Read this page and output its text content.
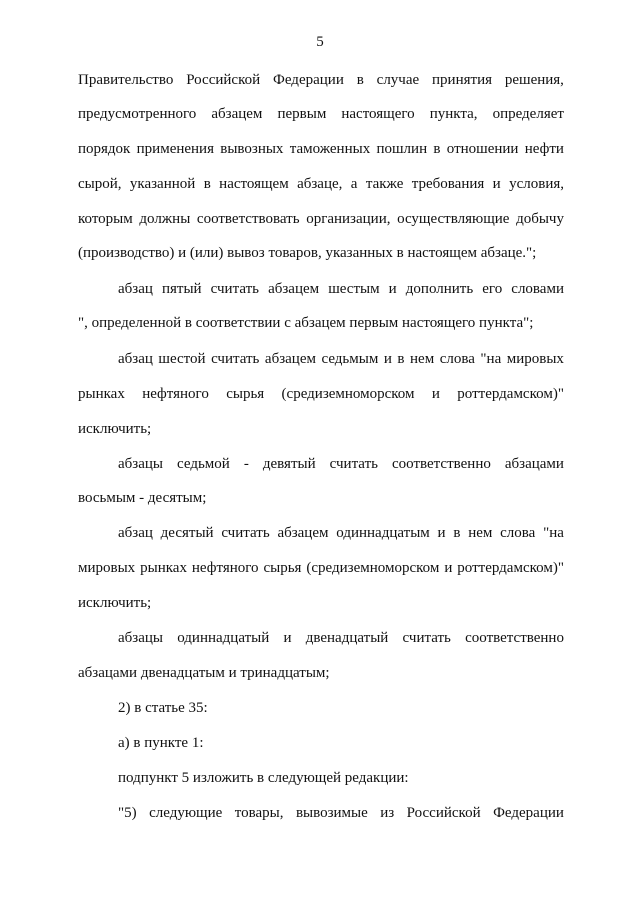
5
Правительство Российской Федерации в случае принятия решения,
предусмотренного абзацем первым настоящего пункта, определяет
порядок применения вывозных таможенных пошлин в отношении нефти
сырой, указанной в настоящем абзаце, а также требования и условия,
которым должны соответствовать организации, осуществляющие добычу
(производство) и (или) вывоз товаров, указанных в настоящем абзаце.";
абзац пятый считать абзацем шестым и дополнить его словами
", определенной в соответствии с абзацем первым настоящего пункта";
абзац шестой считать абзацем седьмым и в нем слова "на мировых
рынках нефтяного сырья (средиземноморском и роттердамском)"
исключить;
абзацы седьмой - девятый считать соответственно абзацами
восьмым - десятым;
абзац десятый считать абзацем одиннадцатым и в нем слова "на
мировых рынках нефтяного сырья (средиземноморском и роттердамском)"
исключить;
абзацы одиннадцатый и двенадцатый считать соответственно
абзацами двенадцатым и тринадцатым;
2) в статье 35:
а) в пункте 1:
подпункт 5 изложить в следующей редакции:
"5) следующие товары, вывозимые из Российской Федерации
